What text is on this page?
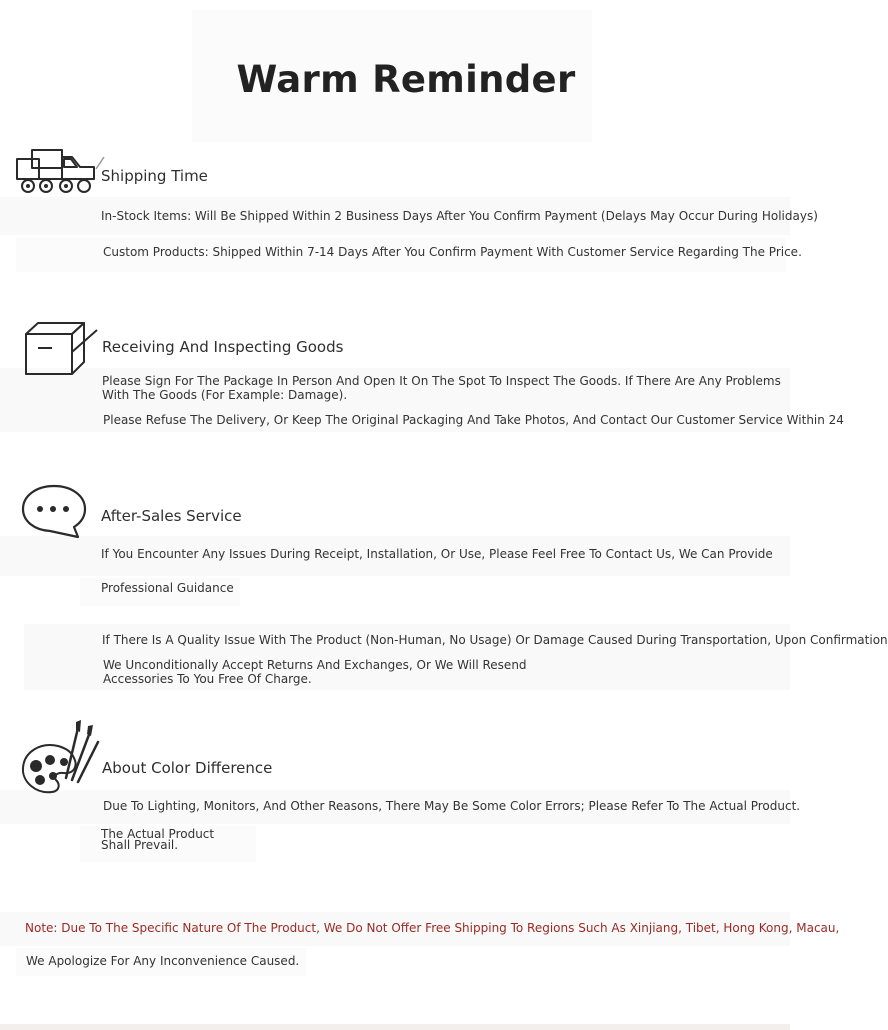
Warm Reminder
Shipping Time
In-Stock Items: Will Be Shipped Within 2 Business Days After You Confirm Payment (Delays May Occur During Holidays)
Custom Products: Shipped Within 7-14 Days After You Confirm Payment With Customer Service Regarding The Price.
Receiving And Inspecting Goods
Please Sign For The Package In Person And Open It On The Spot To Inspect The Goods. If There Are Any Problems With The Goods (For Example: Damage).
Please Refuse The Delivery, Or Keep The Original Packaging And Take Photos, And Contact Our Customer Service Within 24
After-Sales Service
If You Encounter Any Issues During Receipt, Installation, Or Use, Please Feel Free To Contact Us, We Can Provide
Professional Guidance
If There Is A Quality Issue With The Product (Non-Human, No Usage) Or Damage Caused During Transportation, Upon Confirmation
We Unconditionally Accept Returns And Exchanges, Or We Will Resend Accessories To You Free Of Charge.
About Color Difference
Due To Lighting, Monitors, And Other Reasons, There May Be Some Color Errors; Please Refer To The Actual Product.
The Actual Product Shall Prevail.
Note: Due To The Specific Nature Of The Product, We Do Not Offer Free Shipping To Regions Such As Xinjiang, Tibet, Hong Kong, Macau,
We Apologize For Any Inconvenience Caused.
